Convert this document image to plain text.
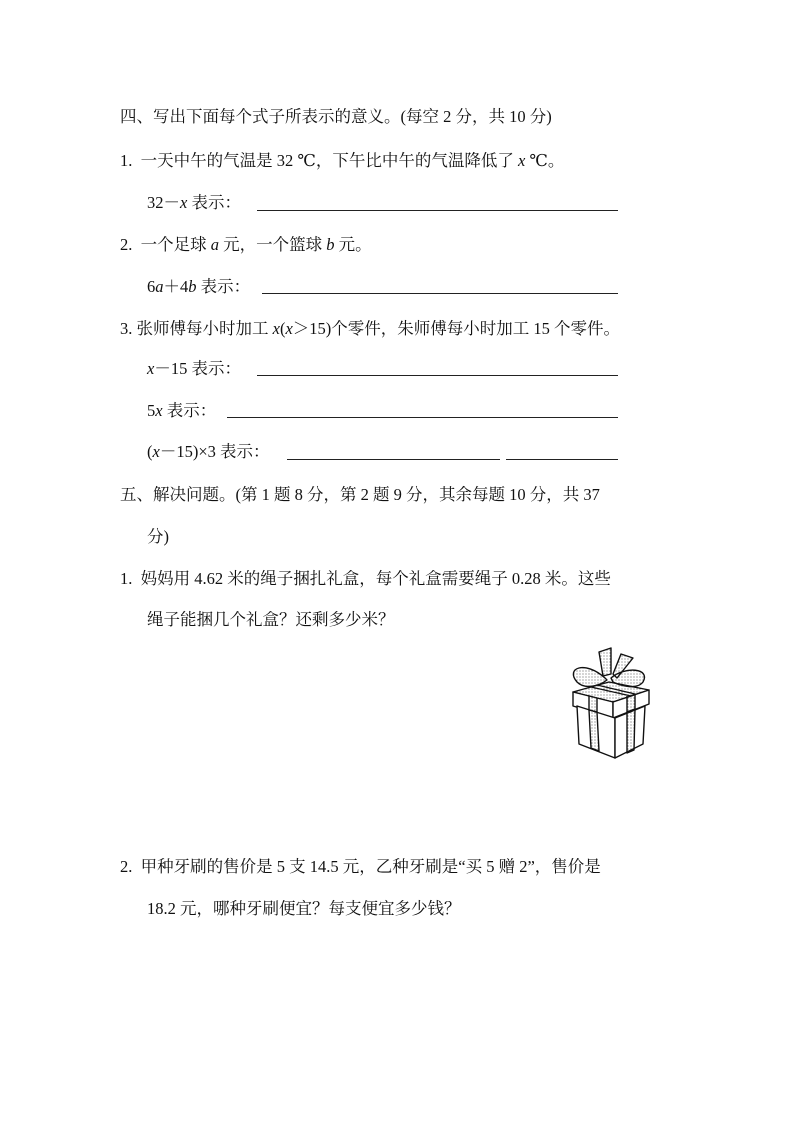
四、写出下面每个式子所表示的意义。(每空 2 分，共 10 分)
1. 一天中午的气温是 32 ℃，下午比中午的气温降低了 x ℃。
32－x 表示：
2. 一个足球 a 元，一个篮球 b 元。
6a＋4b 表示：
3. 张师傅每小时加工 x(x＞15)个零件，朱师傅每小时加工 15 个零件。
x－15 表示：
5x 表示：
(x－15)×3 表示：
五、解决问题。(第 1 题 8 分，第 2 题 9 分，其余每题 10 分，共 37
分)
1. 妈妈用 4.62 米的绳子捆扎礼盒，每个礼盒需要绳子 0.28 米。这些
绳子能捆几个礼盒？还剩多少米？
2. 甲种牙刷的售价是 5 支 14.5 元，乙种牙刷是“买 5 赠 2”，售价是
18.2 元，哪种牙刷便宜？每支便宜多少钱？
